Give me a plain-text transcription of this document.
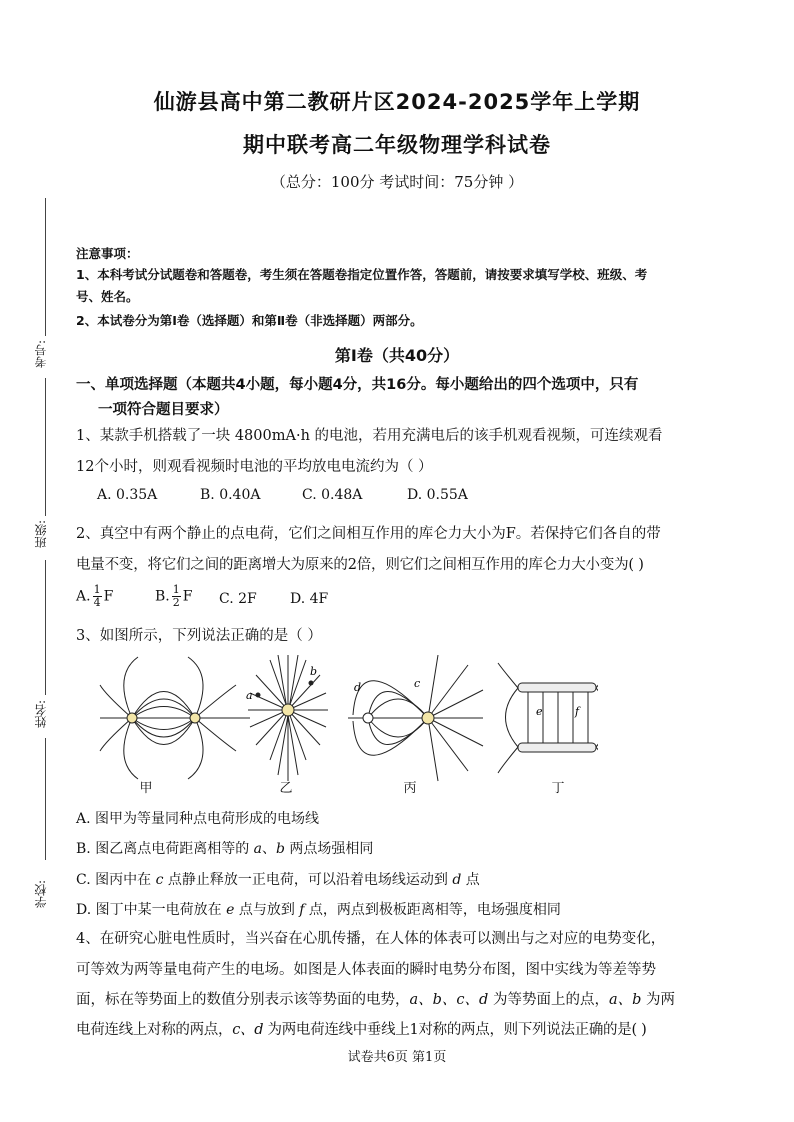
仙游县高中第二教研片区2024-2025学年上学期
期中联考高二年级物理学科试卷
（总分：100分 考试时间：75分钟 ）
考号:
班级:
姓名:
学校:
注意事项：
1、本科考试分试题卷和答题卷，考生须在答题卷指定位置作答，答题前，请按要求填写学校、班级、考
号、姓名。
2、本试卷分为第Ⅰ卷（选择题）和第Ⅱ卷（非选择题）两部分。
第Ⅰ卷（共40分）
一、单项选择题（本题共4小题，每小题4分，共16分。每小题给出的四个选项中，只有
一项符合题目要求）
1、某款手机搭载了一块 4800mA·h 的电池，若用充满电后的该手机观看视频，可连续观看
12个小时，则观看视频时电池的平均放电电流约为（ ）
A. 0.35A	B. 0.40A	C. 0.48A	D. 0.55A
2、真空中有两个静止的点电荷，它们之间相互作用的库仑力大小为F。若保持它们各自的带
电量不变，将它们之间的距离增大为原来的2倍，则它们之间相互作用的库仑力大小变为( )
A. $\frac{1}{4}$ F	B. $\frac{1}{2}$ F C. 2F D. 4F
3、如图所示，下列说法正确的是（ ）
a
b
d	c
e	f
甲	乙	丙	丁
A. 图甲为等量同种点电荷形成的电场线
B. 图乙离点电荷距离相等的 a、b 两点场强相同
C. 图丙中在 c 点静止释放一正电荷，可以沿着电场线运动到 d 点
D. 图丁中某一电荷放在 e 点与放到 f 点，两点到极板距离相等，电场强度相同
4、在研究心脏电性质时，当兴奋在心肌传播，在人体的体表可以测出与之对应的电势变化，
可等效为两等量电荷产生的电场。如图是人体表面的瞬时电势分布图，图中实线为等差等势
面，标在等势面上的数值分别表示该等势面的电势，a、b、c、d 为等势面上的点，a、b 为两
电荷连线上对称的两点，c、d 为两电荷连线中垂线上1对称的两点，则下列说法正确的是( )
试卷共6页 第1页
